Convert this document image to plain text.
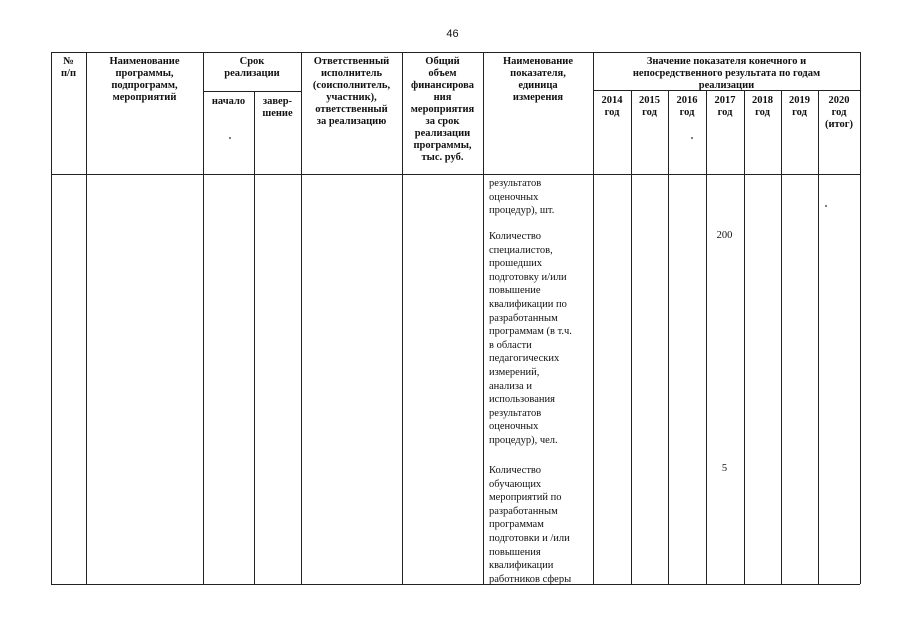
46
№
п/п
Наименование
программы,
подпрограмм,
мероприятий
Срок
реализации
начало	завер-
шение
Ответственный
исполнитель
(соисполнитель,
участник),
ответственный
за реализацию
Общий
объем
финансирова
ния
мероприятия
за срок
реализации
программы,
тыс. руб.
Наименование
показателя,
единица
измерения
Значение показателя конечного и
непосредственного результата по годам
реализации
2014
год
2015
год
2016
год
2017
год
2018
год
2019
год
2020
год
(итог)
результатов
оценочных
процедур), шт.
Количество
специалистов,
прошедших
подготовку и/или
повышение
квалификации по
разработанным
программам (в т.ч.
в области
педагогических
измерений,
анализа и
использования
результатов
оценочных
процедур), чел.
200
Количество
обучающих
мероприятий по
разработанным
программам
подготовки и /или
повышения
квалификации
работников сферы
5
